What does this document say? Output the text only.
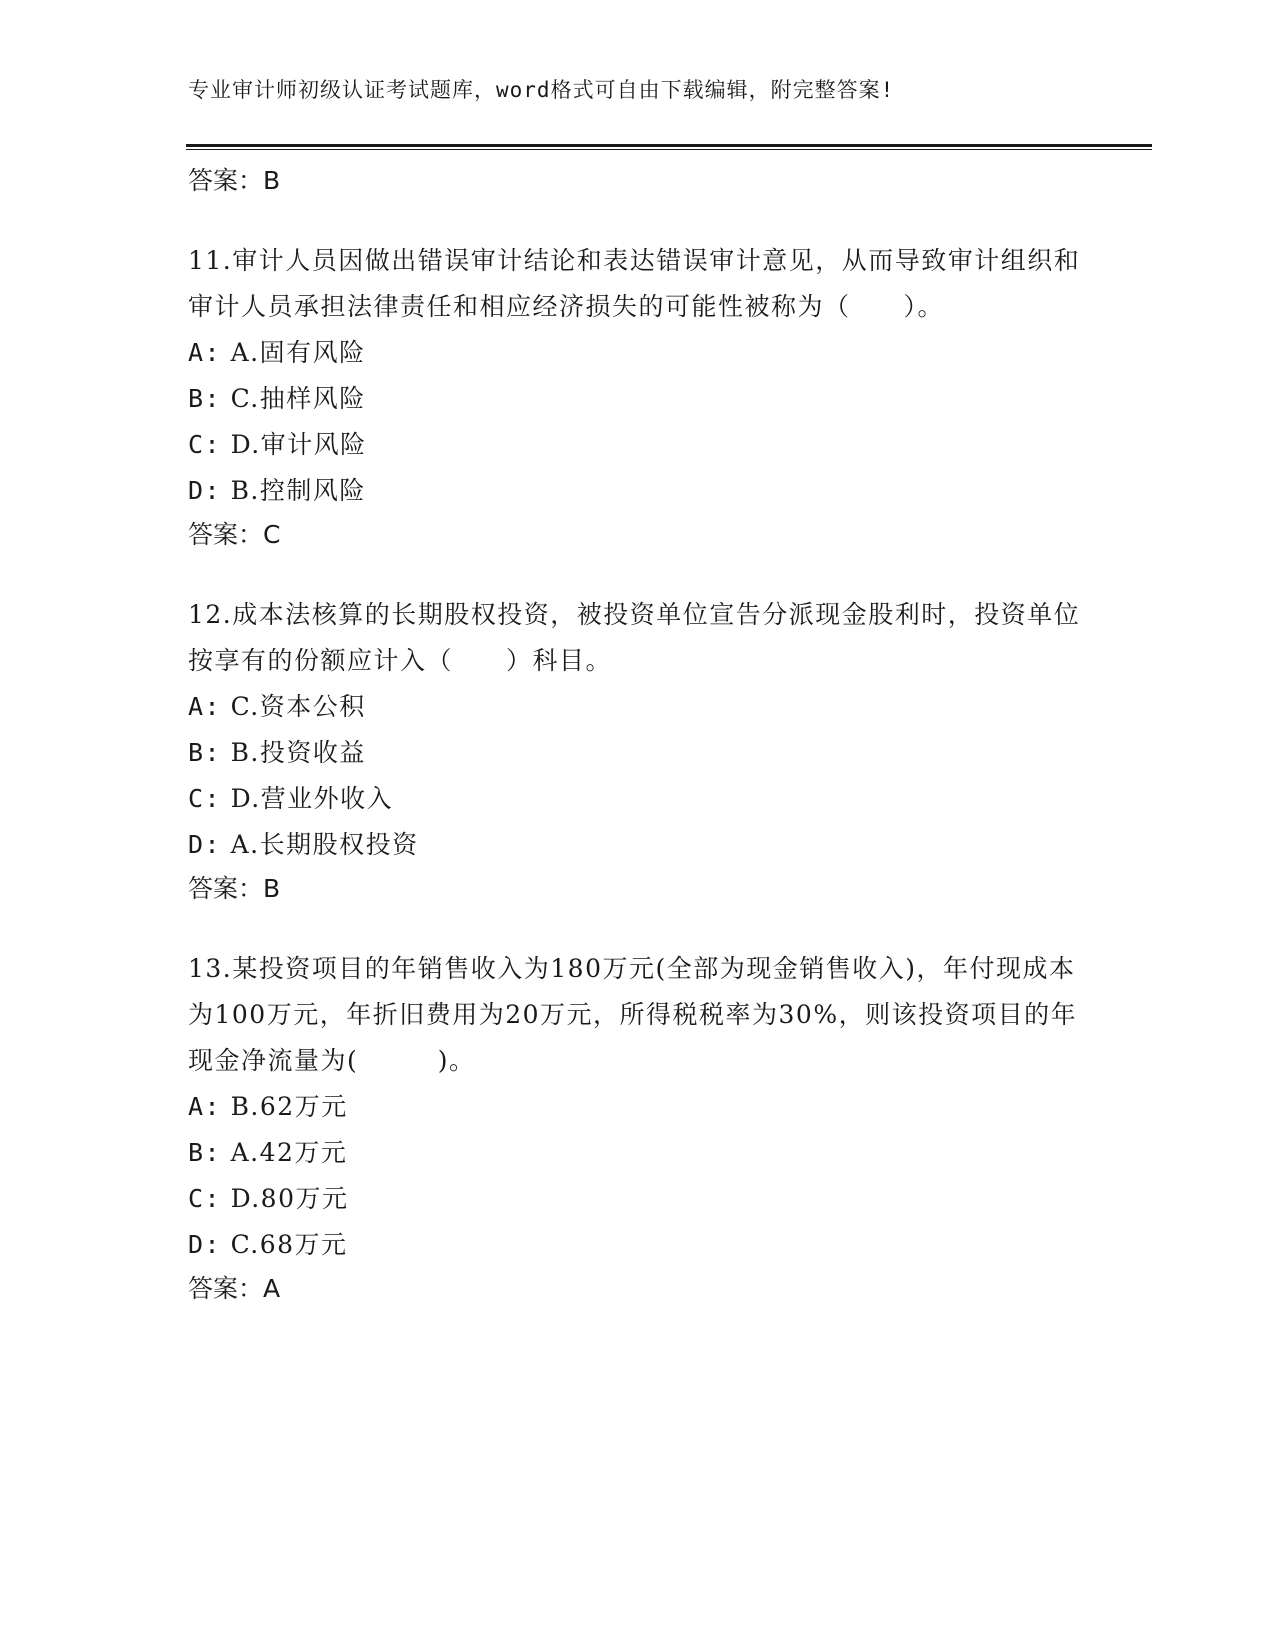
专业审计师初级认证考试题库，word格式可自由下载编辑，附完整答案!
答案：B
11.审计人员因做出错误审计结论和表达错误审计意见，从而导致审计组织和审计人员承担法律责任和相应经济损失的可能性被称为（　　）。
A: A.固有风险
B: C.抽样风险
C: D.审计风险
D: B.控制风险
答案：C
12.成本法核算的长期股权投资，被投资单位宣告分派现金股利时，投资单位按享有的份额应计入（　　）科目。
A: C.资本公积
B: B.投资收益
C: D.营业外收入
D: A.长期股权投资
答案：B
13.某投资项目的年销售收入为180万元(全部为现金销售收入)，年付现成本为100万元，年折旧费用为20万元，所得税税率为30%，则该投资项目的年现金净流量为(　　　)。
A: B.62万元
B: A.42万元
C: D.80万元
D: C.68万元
答案：A
